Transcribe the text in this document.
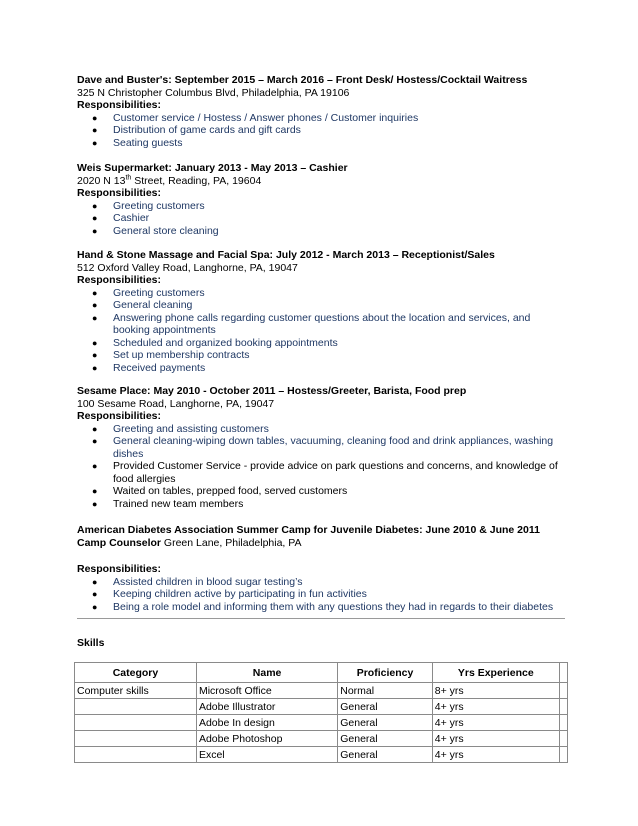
Dave and Buster's: September 2015 – March 2016 – Front Desk/ Hostess/Cocktail Waitress
325 N Christopher Columbus Blvd, Philadelphia, PA 19106
Responsibilities:
● Customer service / Hostess / Answer phones / Customer inquiries
● Distribution of game cards and gift cards
● Seating guests
Weis Supermarket: January 2013 - May 2013 – Cashier
2020 N 13th Street, Reading, PA, 19604
Responsibilities:
● Greeting customers
● Cashier
● General store cleaning
Hand & Stone Massage and Facial Spa: July 2012 - March 2013 – Receptionist/Sales
512 Oxford Valley Road, Langhorne, PA, 19047
Responsibilities:
● Greeting customers
● General cleaning
● Answering phone calls regarding customer questions about the location and services, and booking appointments
● Scheduled and organized booking appointments
● Set up membership contracts
● Received payments
Sesame Place: May 2010 - October 2011 – Hostess/Greeter, Barista, Food prep
100 Sesame Road, Langhorne, PA, 19047
Responsibilities:
● Greeting and assisting customers
● General cleaning-wiping down tables, vacuuming, cleaning food and drink appliances, washing dishes
● Provided Customer Service - provide advice on park questions and concerns, and knowledge of food allergies
● Waited on tables, prepped food, served customers
● Trained new team members
American Diabetes Association Summer Camp for Juvenile Diabetes: June 2010 & June 2011
Camp Counselor Green Lane, Philadelphia, PA
Responsibilities:
● Assisted children in blood sugar testing’s
● Keeping children active by participating in fun activities
● Being a role model and informing them with any questions they had in regards to their diabetes
Skills
Category	Name	Proficiency	Yrs Experience	
Computer skills	Microsoft Office	Normal	8+ yrs	
	Adobe Illustrator	General	4+ yrs	
	Adobe In design	General	4+ yrs	
	Adobe Photoshop	General	4+ yrs	
	Excel	General	4+ yrs	
